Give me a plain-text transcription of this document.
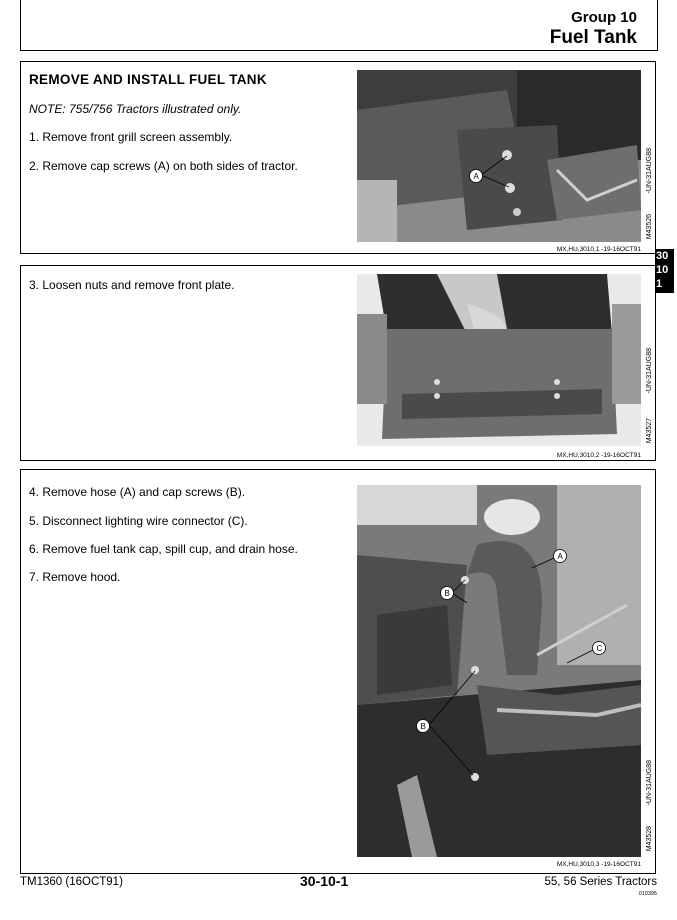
Group 10
Fuel Tank
30
10
1
REMOVE AND INSTALL FUEL TANK
NOTE: 755/756 Tractors illustrated only.
1. Remove front grill screen assembly.
2. Remove cap screws (A) on both sides of tractor.
A
MX,HU,3010,1 -19-16OCT91
3. Loosen nuts and remove front plate.
MX,HU,3010,2 -19-16OCT91
4. Remove hose (A) and cap screws (B).
5. Disconnect lighting wire connector (C).
6. Remove fuel tank cap, spill cup, and drain hose.
7. Remove hood.
A
B
B
C
MX,HU,3010,3 -19-16OCT91
-UN-31AUG88
M43526
-UN-31AUG88
M43527
-UN-31AUG88
M43528
TM1360 (16OCT91)	30-10-1	55, 56 Series Tractors
010395
